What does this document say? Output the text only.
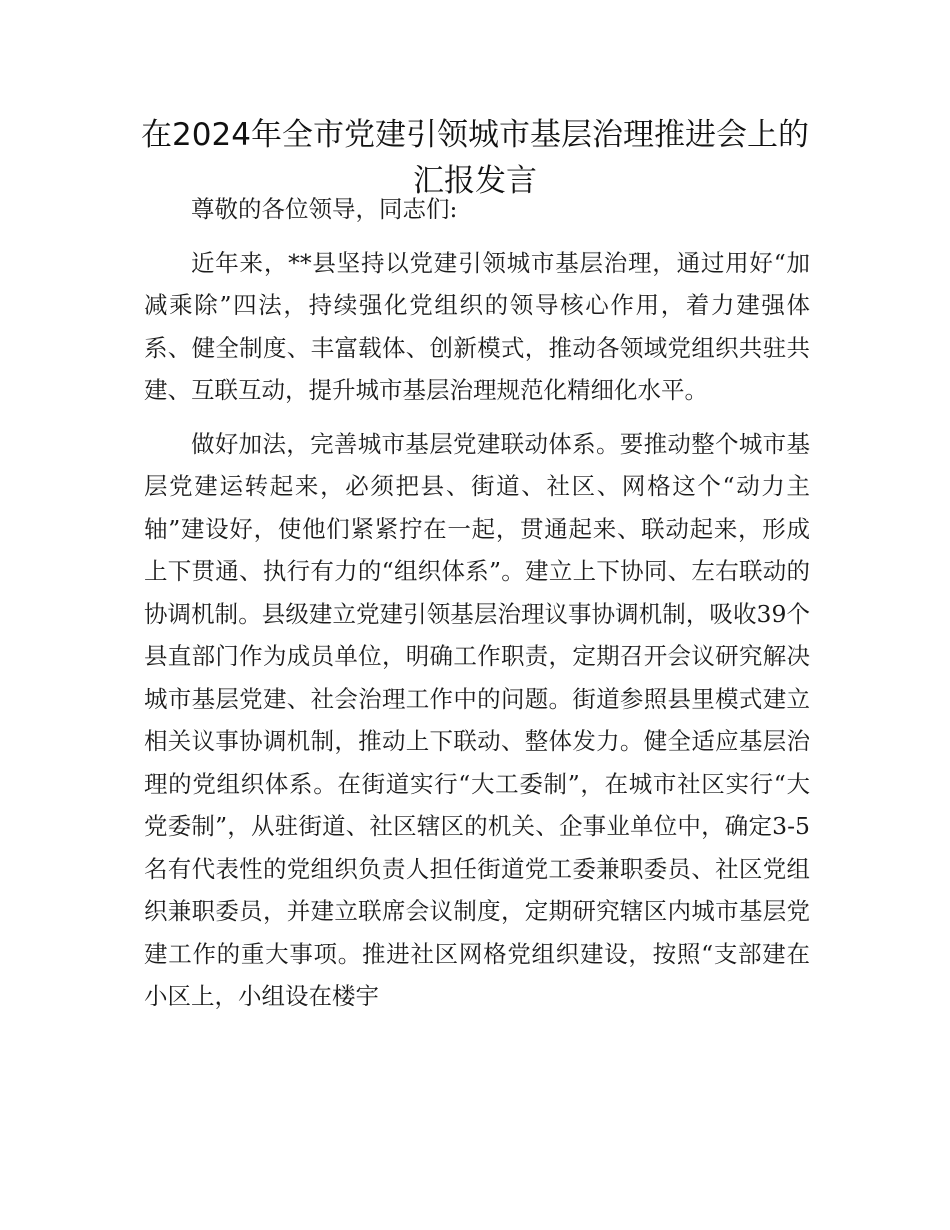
在2024年全市党建引领城市基层治理推进会上的汇报发言

尊敬的各位领导，同志们:

近年来，**县坚持以党建引领城市基层治理，通过用好“加减乘除”四法，持续强化党组织的领导核心作用，着力建强体系、健全制度、丰富载体、创新模式，推动各领域党组织共驻共建、互联互动，提升城市基层治理规范化精细化水平。

做好加法，完善城市基层党建联动体系。要推动整个城市基层党建运转起来，必须把县、街道、社区、网格这个“动力主轴”建设好，使他们紧紧拧在一起，贯通起来、联动起来，形成上下贯通、执行有力的“组织体系”。建立上下协同、左右联动的协调机制。县级建立党建引领基层治理议事协调机制，吸收39个县直部门作为成员单位，明确工作职责，定期召开会议研究解决城市基层党建、社会治理工作中的问题。街道参照县里模式建立相关议事协调机制，推动上下联动、整体发力。健全适应基层治理的党组织体系。在街道实行“大工委制”，在城市社区实行“大党委制”，从驻街道、社区辖区的机关、企事业单位中，确定3-5名有代表性的党组织负责人担任街道党工委兼职委员、社区党组织兼职委员，并建立联席会议制度，定期研究辖区内城市基层党建工作的重大事项。推进社区网格党组织建设，按照“支部建在小区上，小组设在楼宇
